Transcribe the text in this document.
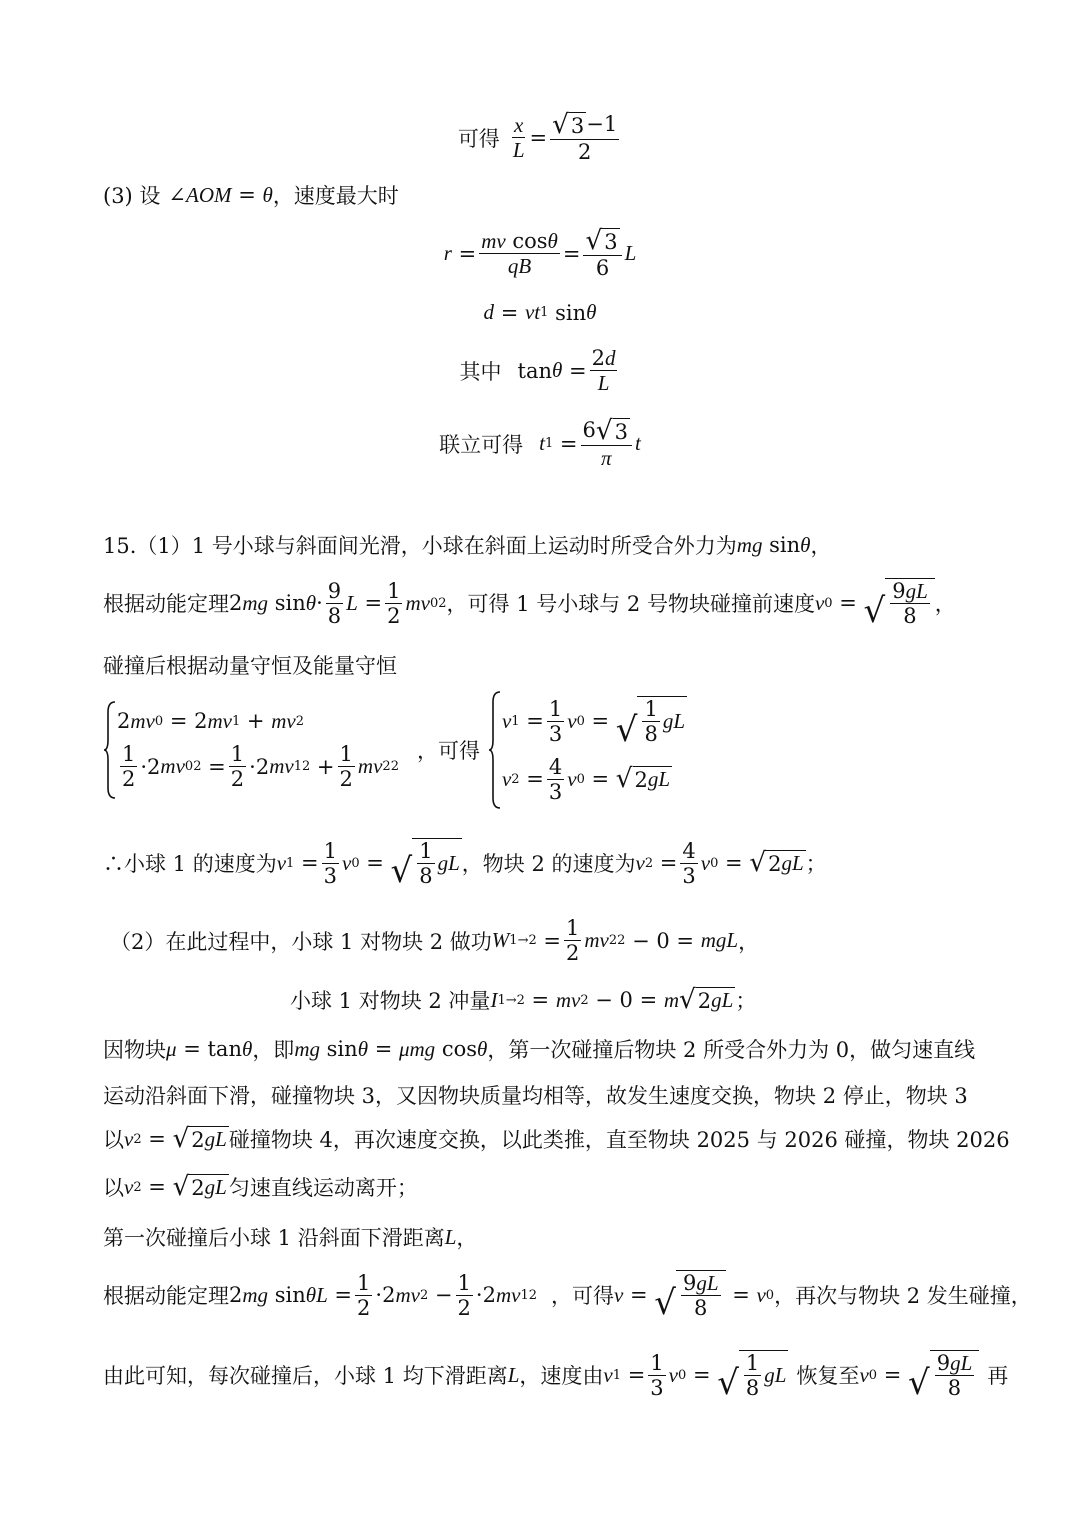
可得 $\frac{x}{L} = \frac{√ 3 -1}{2}$
(3) 设 ∠AOM = θ ，速度最大时
$r = \frac{\text{mv cosθ}}{qB} = \frac{√ 3}{6}$ L
d = vt 1 sin θ
其中 $\tan \theta = \frac{2d}{L}$
联立可得 t $1 = \frac{6 √ 3}{\pi}$ t
15.（1）1 号小球与斜面间光滑，小球在斜面上运动时所受合外力为 mg sin θ ，
根据动能定理 2 mg $\sin \theta \cdot \frac{9}{8}$ $L = \frac{1}{2}$ mv 0 2 ，可得 1 号小球与 2 号物块碰撞前速度 v 0 = √ $\frac{9gL}{8}$ ，
碰撞后根据动量守恒及能量守恒
2 mv 0 = 2 mv 1 + mv 2
$\frac{1}{2} \cdot 2$ mv 0 $2 = \frac{1}{2} \cdot 2$ mv 1 $2 + \frac{1}{2}$ mv 2 2
，可得
v $1 = \frac{1}{3}$ v 0 = √ $\frac{1}{8}$ gL
v $2 = \frac{4}{3}$ v 0 = √ 2 gL
∴小球 1 的速度为 v $1 = \frac{1}{3}$ v 0 = √ $\frac{1}{8}$ gL ，物块 2 的速度为 v $2 = \frac{4}{3}$ v 0 = √ 2 gL ；
（2）在此过程中，小球 1 对物块 2 做功 W $1\to 2 = \frac{1}{2}$ mv 2 2 − 0 = mgL ，
小球 1 对物块 2 冲量 I 1→2 = mv 2 − 0 = m √ 2 gL ；
因物块 μ = tan θ ，即 mg sin θ = μmg cos θ ，第一次碰撞后物块 2 所受合外力为 0，做匀速直线
运动沿斜面下滑，碰撞物块 3，又因物块质量均相等，故发生速度交换，物块 2 停止，物块 3
以 v 2 = √ 2 gL 碰撞物块 4，再次速度交换，以此类推，直至物块 2025 与 2026 碰撞，物块 2026
以 v 2 = √ 2 gL 匀速直线运动离开；
第一次碰撞后小球 1 沿斜面下滑距离 L ，
根据动能定理 2 mg $\sin \theta L = \frac{1}{2} \cdot 2$ mv $2 - \frac{1}{2} \cdot 2$ mv 1 2 ，可得 v = √ $\frac{9gL}{8} = v$ 0 ，再次与物块 2 发生碰撞，
由此可知，每次碰撞后，小球 1 均下滑距离 L ，速度由 v $1 = \frac{1}{3}$ v 0 = √ $\frac{1}{8}$ gL 恢复至 v 0 = √ $\frac{9gL}{8}$ 再
